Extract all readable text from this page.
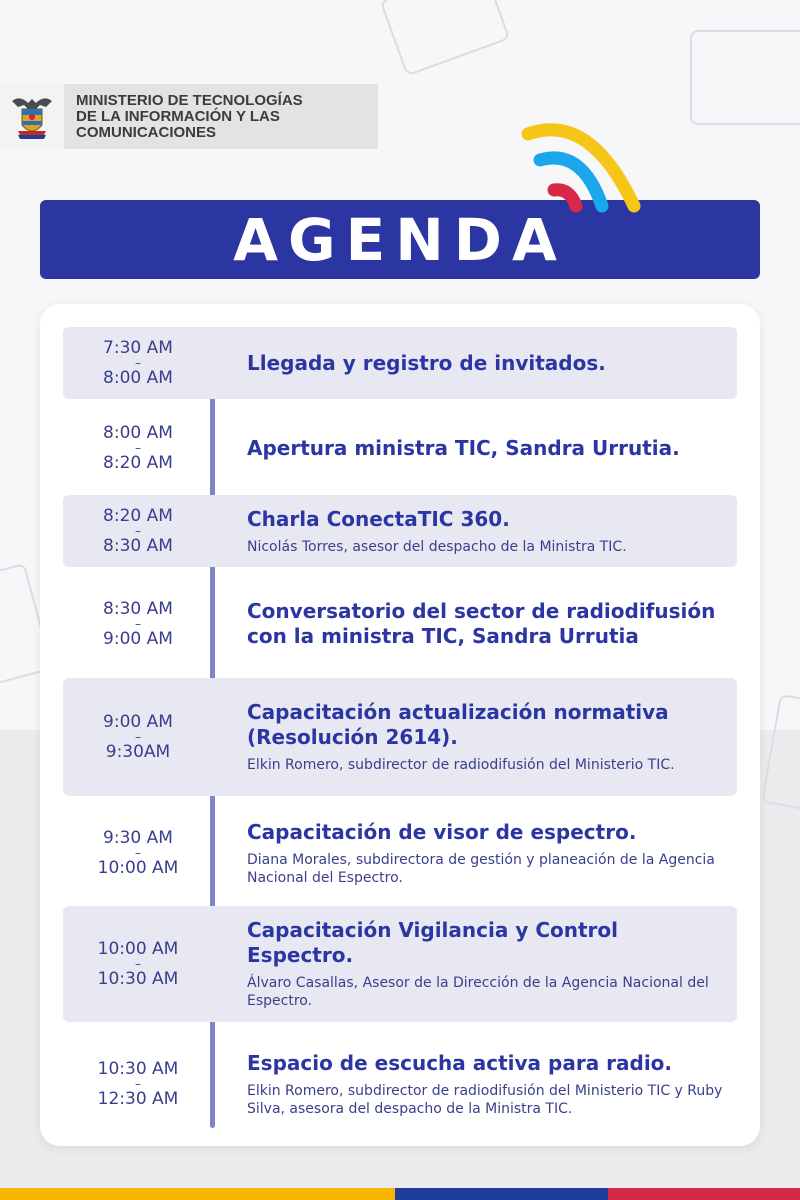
MINISTERIO DE TECNOLOGÍAS
DE LA INFORMACIÓN Y LAS
COMUNICACIONES
AGENDA
7:30 AM
–
8:00 AM
Llegada y registro de invitados.
8:00 AM
–
8:20 AM
Apertura ministra TIC, Sandra Urrutia.
8:20 AM
–
8:30 AM
Charla ConectaTIC 360.
Nicolás Torres, asesor del despacho de la Ministra TIC.
8:30 AM
–
9:00 AM
Conversatorio del sector de radiodifusión con la ministra TIC, Sandra Urrutia
9:00 AM
–
9:30AM
Capacitación actualización normativa (Resolución 2614).
Elkin Romero, subdirector de radiodifusión del Ministerio TIC.
9:30 AM
–
10:00 AM
Capacitación de visor de espectro.
Diana Morales, subdirectora de gestión y planeación de la Agencia Nacional del Espectro.
10:00 AM
–
10:30 AM
Capacitación Vigilancia y Control Espectro.
Álvaro Casallas, Asesor de la Dirección de la Agencia Nacional del Espectro.
10:30 AM
–
12:30 AM
Espacio de escucha activa para radio.
Elkin Romero, subdirector de radiodifusión del Ministerio TIC y Ruby Silva, asesora del despacho de la Ministra TIC.
